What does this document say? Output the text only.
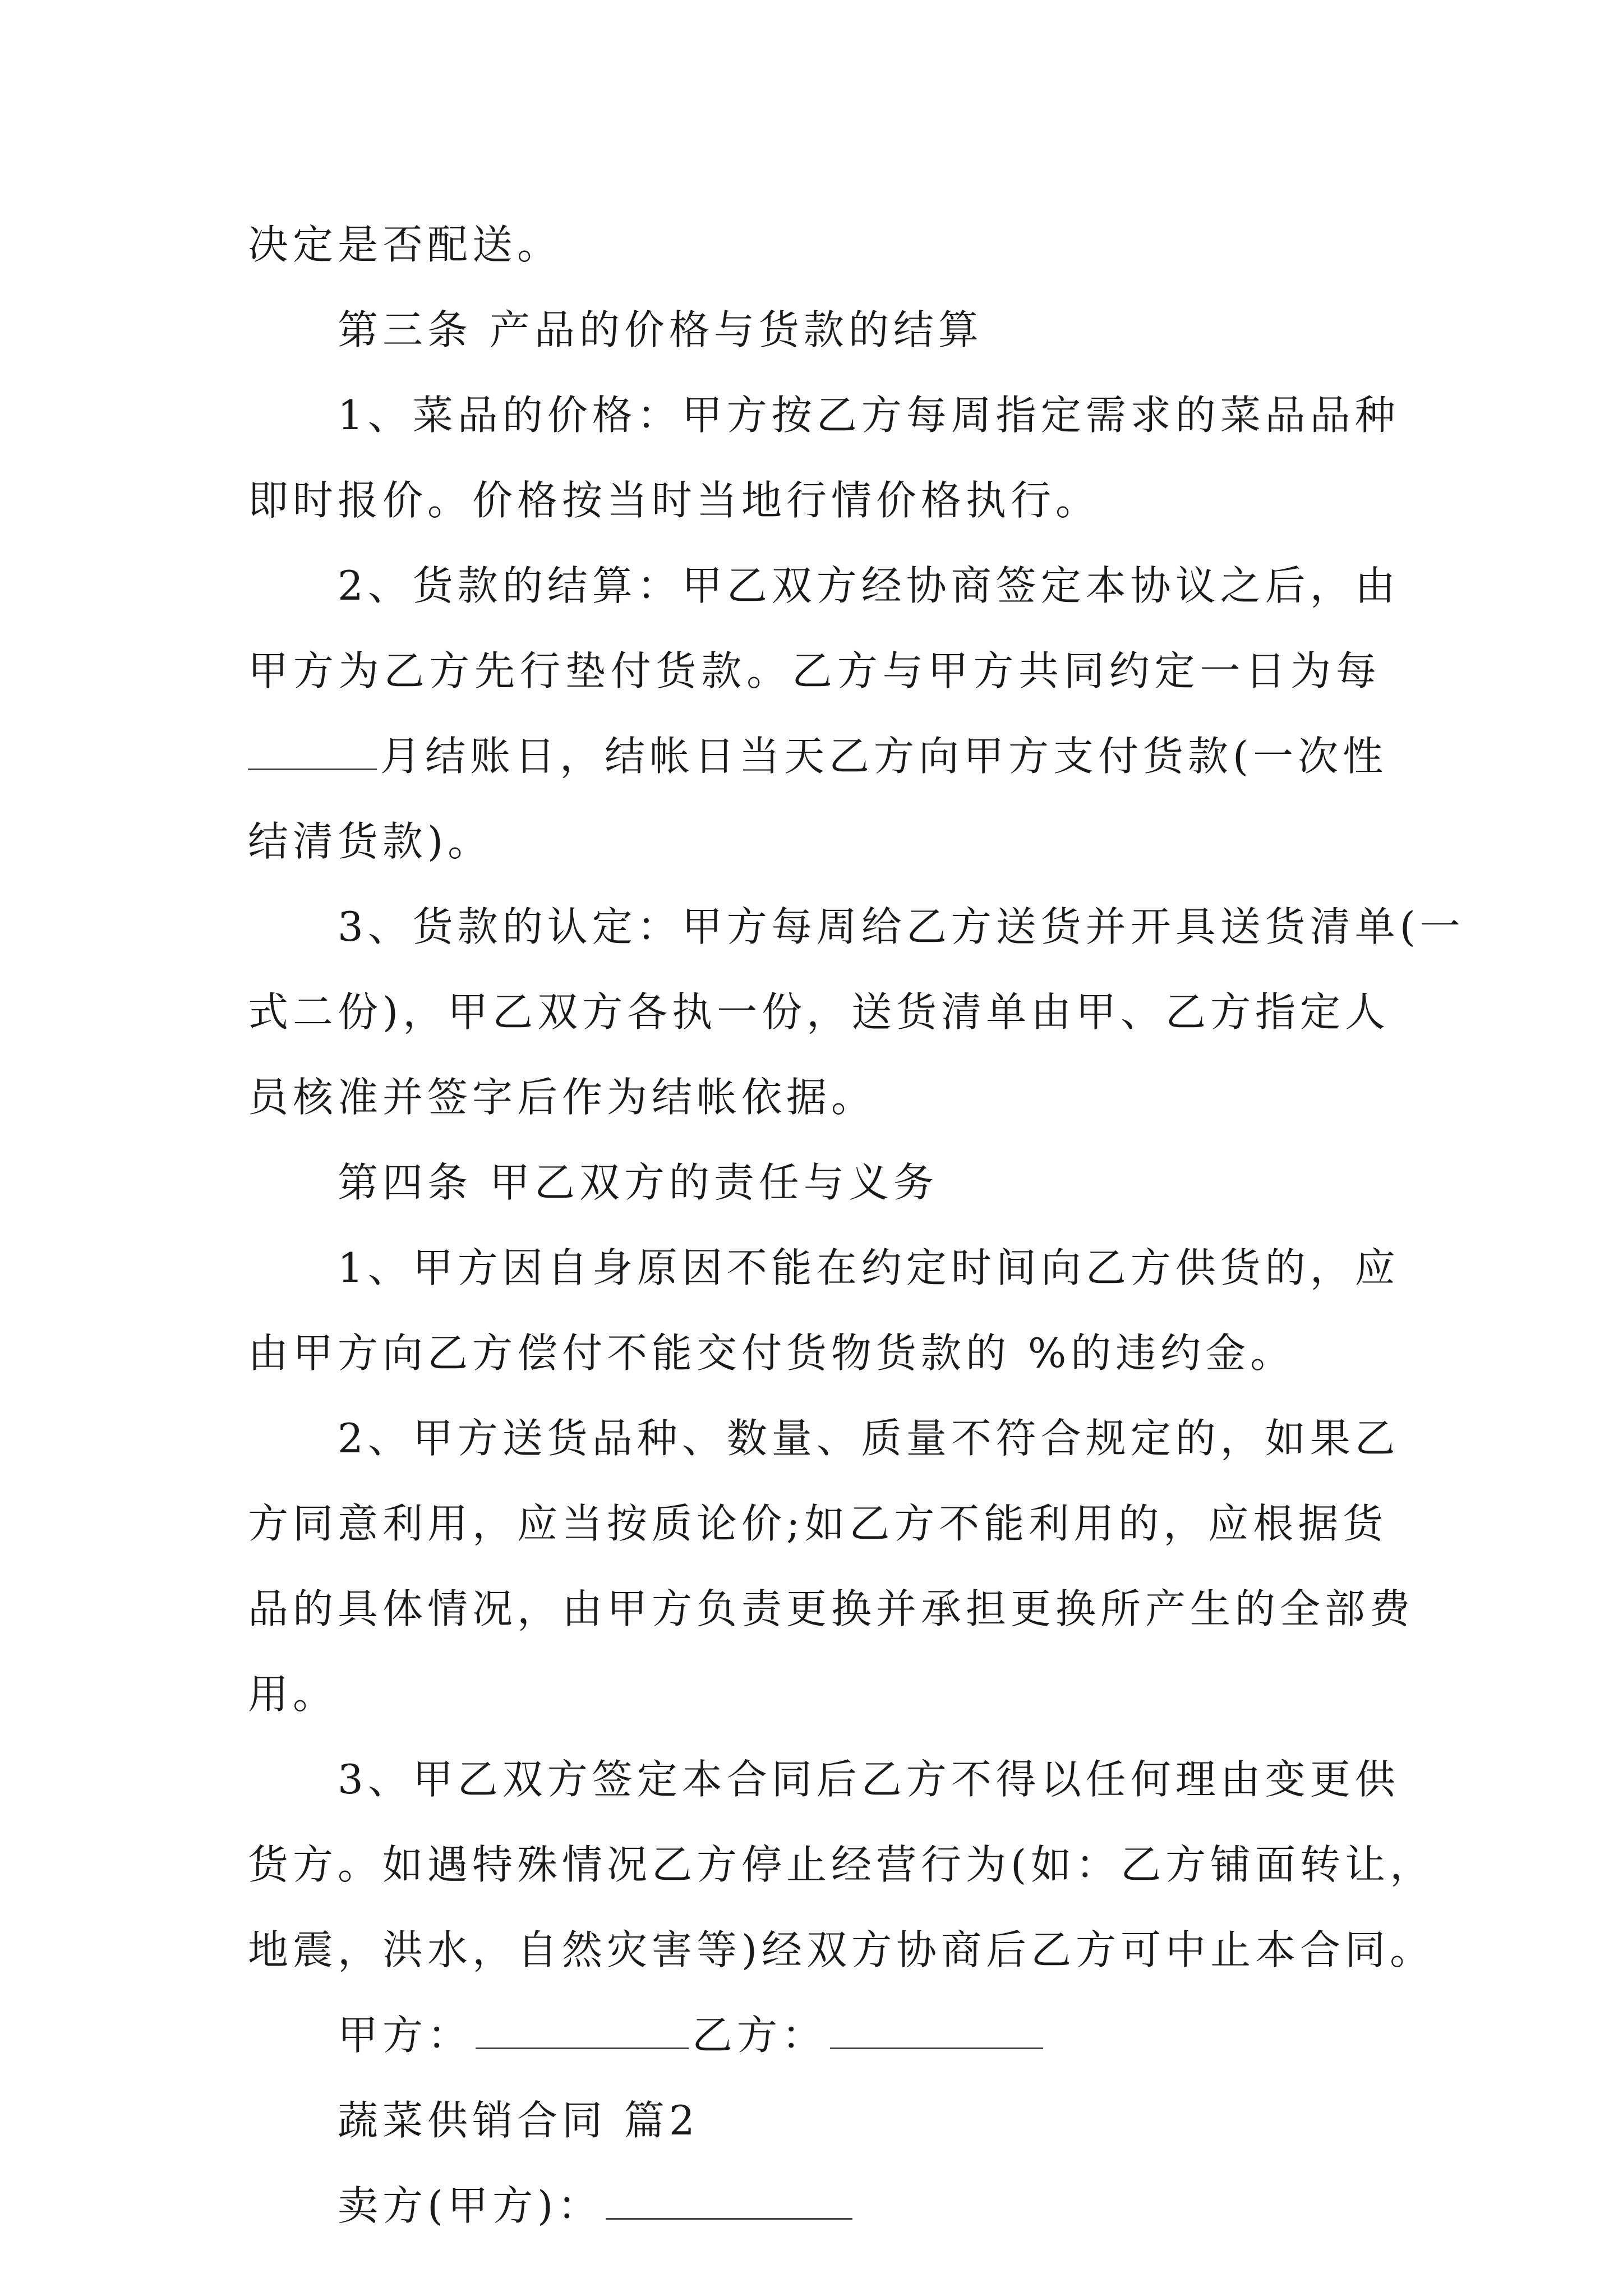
决定是否配送。
第三条 产品的价格与货款的结算
1、菜品的价格：甲方按乙方每周指定需求的菜品品种
即时报价。价格按当时当地行情价格执行。
2、货款的结算：甲乙双方经协商签定本协议之后，由
甲方为乙方先行垫付货款。乙方与甲方共同约定一日为每
月结账日，结帐日当天乙方向甲方支付货款(一次性
结清货款)。
3、货款的认定：甲方每周给乙方送货并开具送货清单(一
式二份)，甲乙双方各执一份，送货清单由甲、乙方指定人
员核准并签字后作为结帐依据。
第四条 甲乙双方的责任与义务
1、甲方因自身原因不能在约定时间向乙方供货的，应
由甲方向乙方偿付不能交付货物货款的 %的违约金。
2、甲方送货品种、数量、质量不符合规定的，如果乙
方同意利用，应当按质论价;如乙方不能利用的，应根据货
品的具体情况，由甲方负责更换并承担更换所产生的全部费
用。
3、甲乙双方签定本合同后乙方不得以任何理由变更供
货方。如遇特殊情况乙方停止经营行为(如：乙方铺面转让，
地震，洪水，自然灾害等)经双方协商后乙方可中止本合同。
甲方：	乙方：
蔬菜供销合同 篇2
卖方(甲方)：
